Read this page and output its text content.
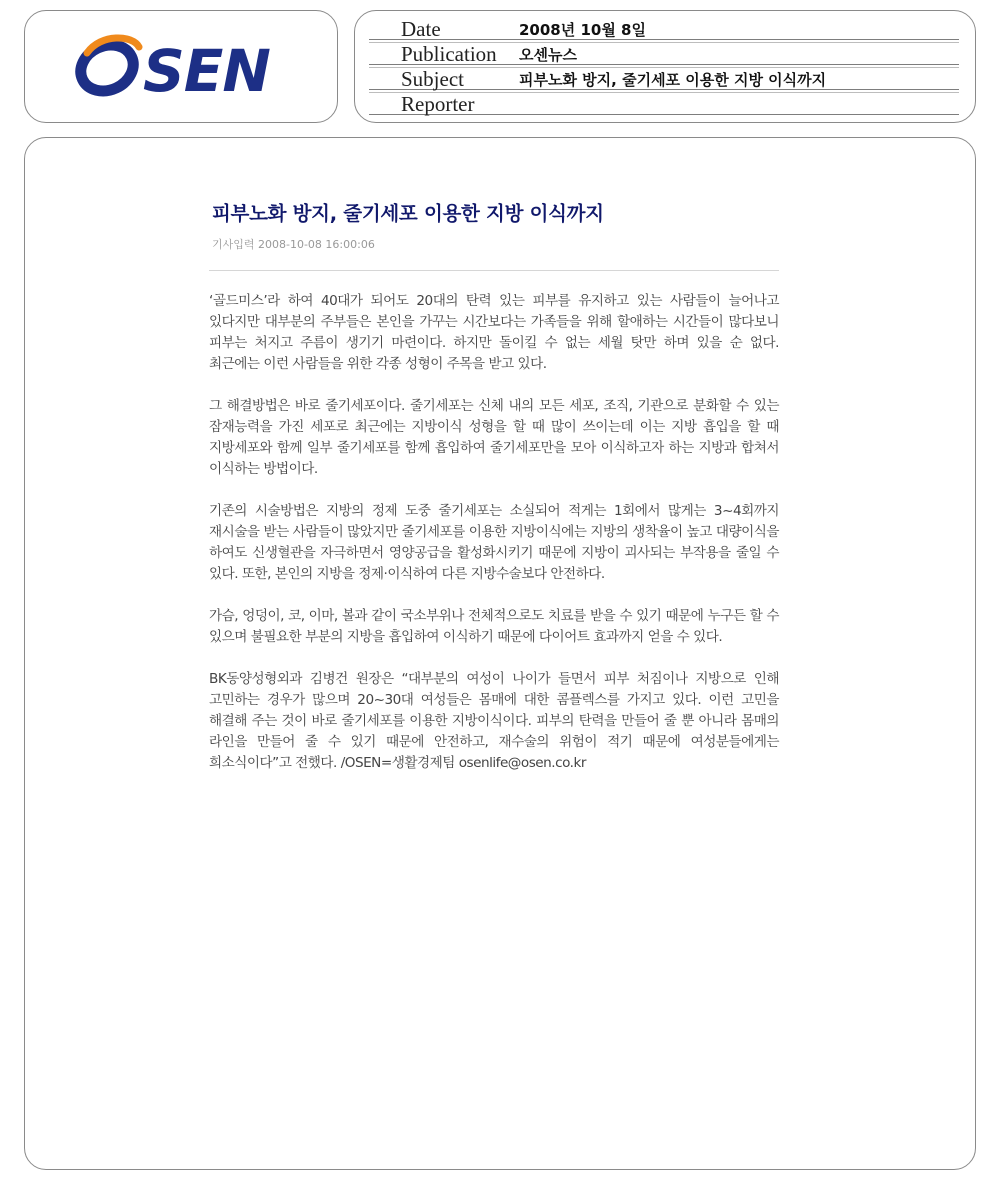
SEN
Date	2008년 10월 8일
Publication 오센뉴스
Subject	피부노화 방지, 줄기세포 이용한 지방 이식까지
Reporter
피부노화 방지, 줄기세포 이용한 지방 이식까지
기사입력 2008-10-08 16:00:06

‘골드미스’라 하여 40대가 되어도 20대의 탄력 있는 피부를 유지하고 있는 사람들이 늘어나고 있다지만 대부분의 주부들은 본인을 가꾸는 시간보다는 가족들을 위해 할애하는 시간들이 많다보니 피부는 처지고 주름이 생기기 마련이다. 하지만 돌이킬 수 없는 세월 탓만 하며 있을 순 없다. 최근에는 이런 사람들을 위한 각종 성형이 주목을 받고 있다.

그 해결방법은 바로 줄기세포이다. 줄기세포는 신체 내의 모든 세포, 조직, 기관으로 분화할 수 있는 잠재능력을 가진 세포로 최근에는 지방이식 성형을 할 때 많이 쓰이는데 이는 지방 흡입을 할 때 지방세포와 함께 일부 줄기세포를 함께 흡입하여 줄기세포만을 모아 이식하고자 하는 지방과 합쳐서 이식하는 방법이다.

기존의 시술방법은 지방의 정제 도중 줄기세포는 소실되어 적게는 1회에서 많게는 3~4회까지 재시술을 받는 사람들이 많았지만 줄기세포를 이용한 지방이식에는 지방의 생착율이 높고 대량이식을 하여도 신생혈관을 자극하면서 영양공급을 활성화시키기 때문에 지방이 괴사되는 부작용을 줄일 수 있다. 또한, 본인의 지방을 정제·이식하여 다른 지방수술보다 안전하다.

가슴, 엉덩이, 코, 이마, 볼과 같이 국소부위나 전체적으로도 치료를 받을 수 있기 때문에 누구든 할 수 있으며 불필요한 부분의 지방을 흡입하여 이식하기 때문에 다이어트 효과까지 얻을 수 있다.

BK동양성형외과 김병건 원장은 “대부분의 여성이 나이가 들면서 피부 처짐이나 지방으로 인해 고민하는 경우가 많으며 20~30대 여성들은 몸매에 대한 콤플렉스를 가지고 있다. 이런 고민을 해결해 주는 것이 바로 줄기세포를 이용한 지방이식이다. 피부의 탄력을 만들어 줄 뿐 아니라 몸매의 라인을 만들어 줄 수 있기 때문에 안전하고, 재수술의 위험이 적기 때문에 여성분들에게는 희소식이다”고 전했다. /OSEN=생활경제팀 osenlife@osen.co.kr
